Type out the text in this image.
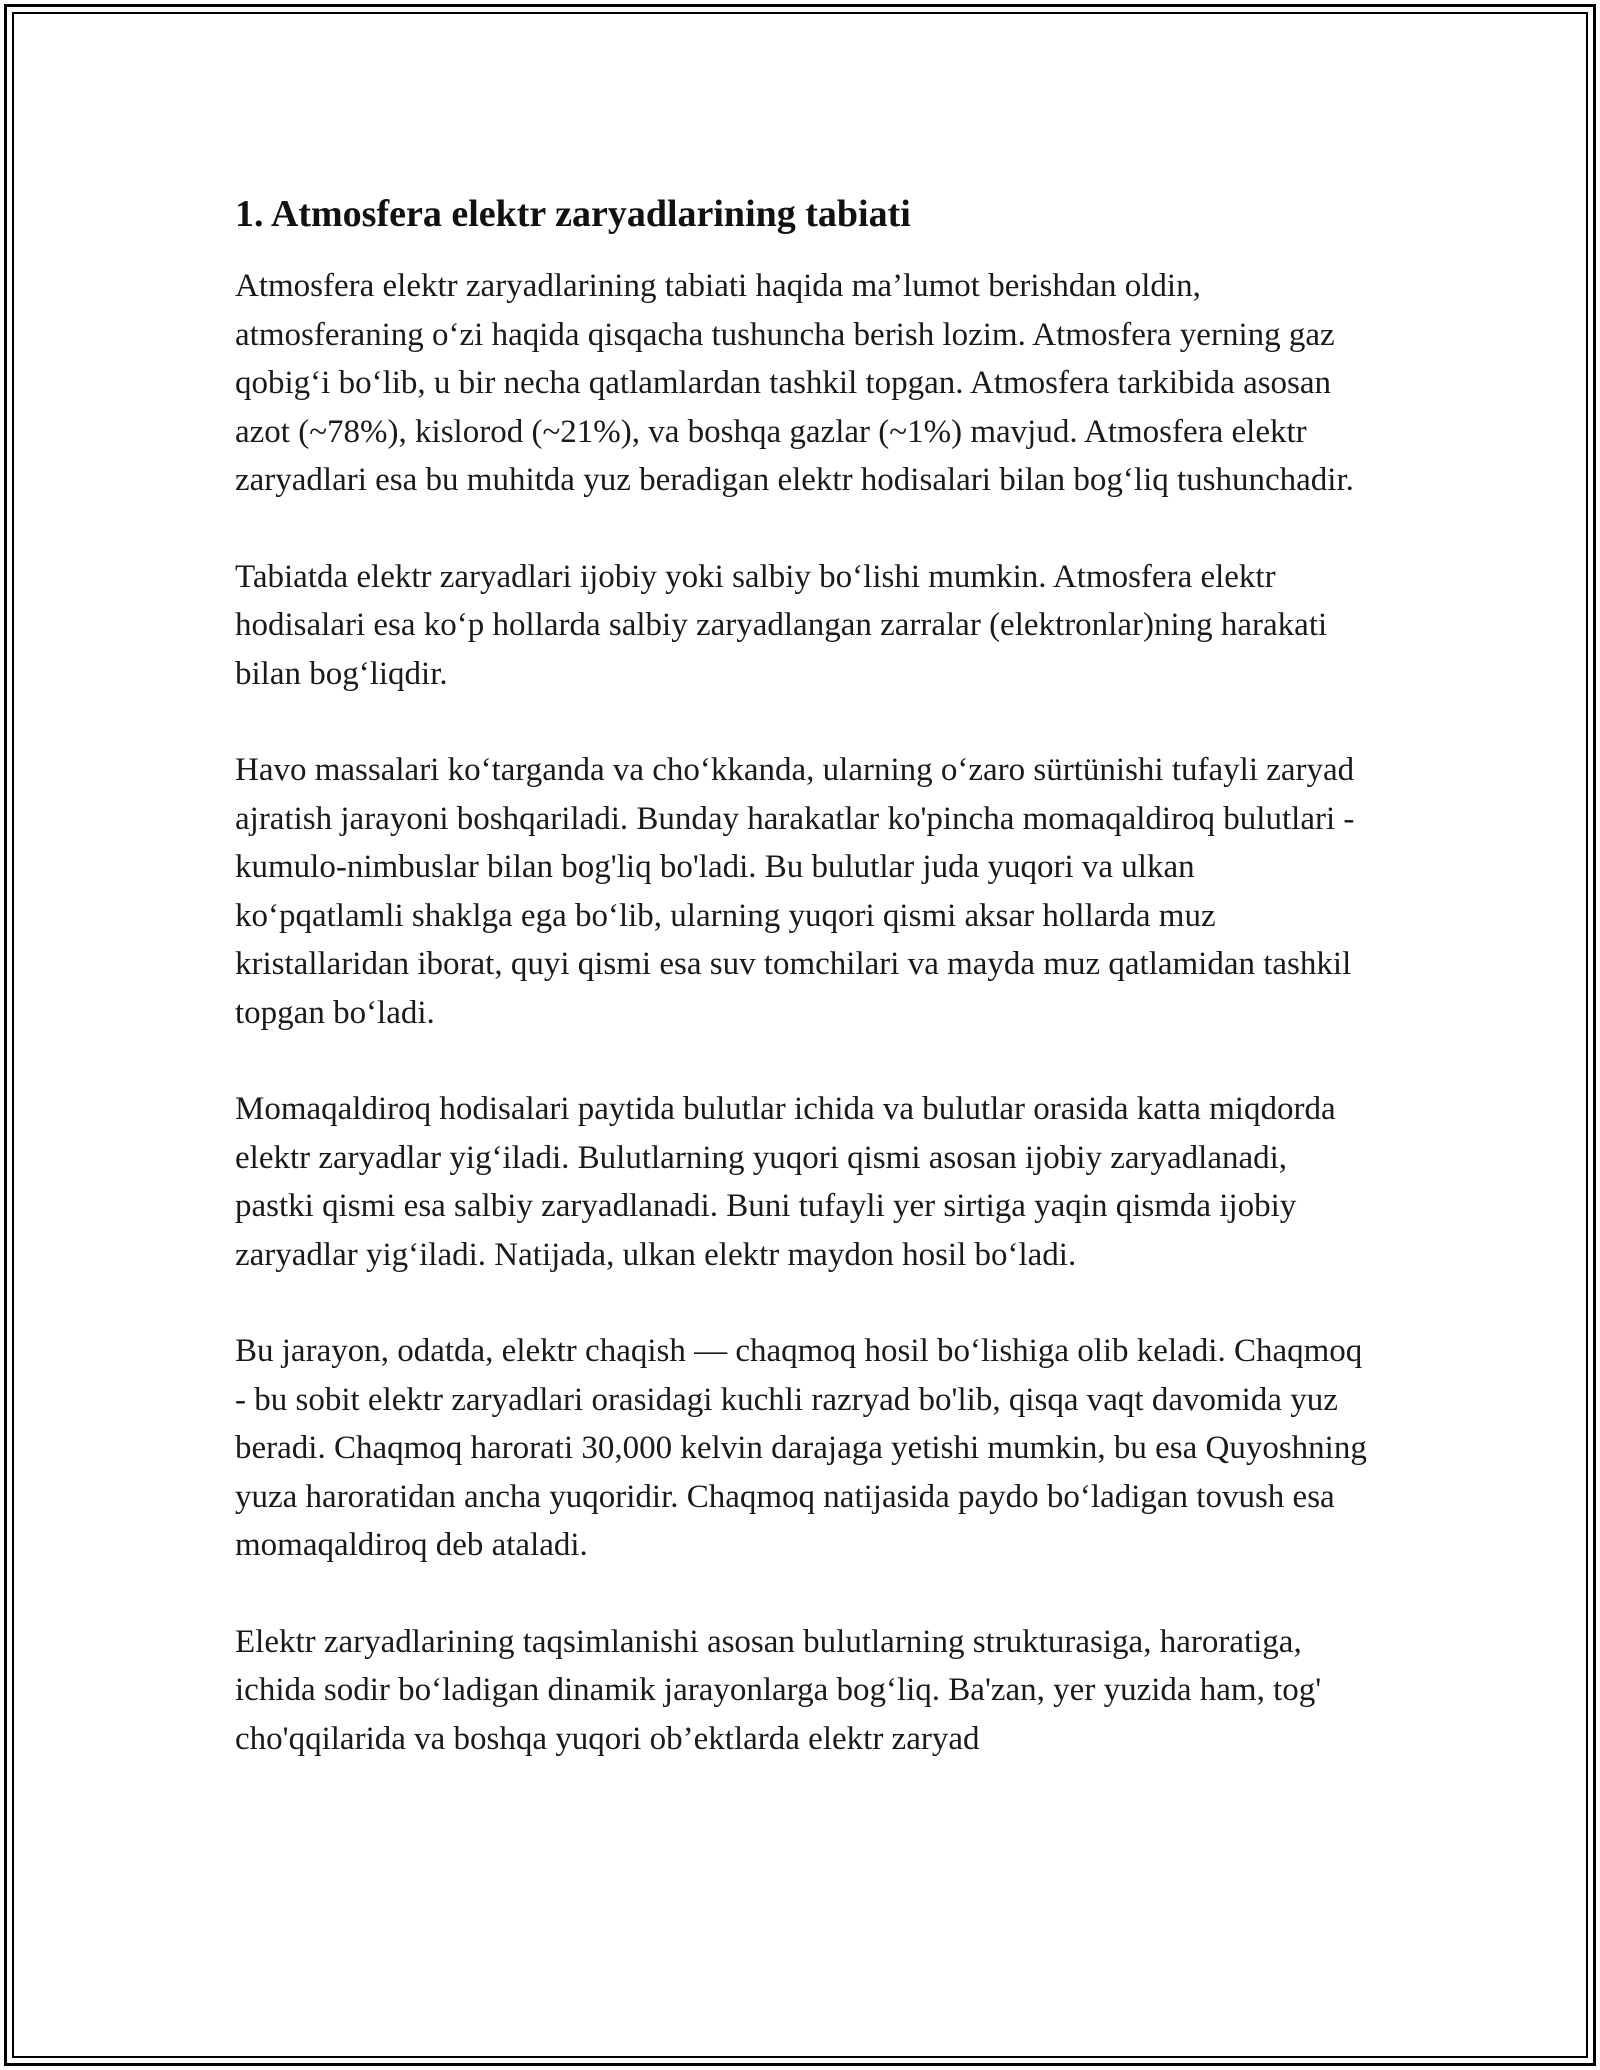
1. Atmosfera elektr zaryadlarining tabiati

Atmosfera elektr zaryadlarining tabiati haqida ma’lumot berishdan oldin, atmosferaning o‘zi haqida qisqacha tushuncha berish lozim. Atmosfera yerning gaz qobig‘i bo‘lib, u bir necha qatlamlardan tashkil topgan. Atmosfera tarkibida asosan azot (~78%), kislorod (~21%), va boshqa gazlar (~1%) mavjud. Atmosfera elektr zaryadlari esa bu muhitda yuz beradigan elektr hodisalari bilan bog‘liq tushunchadir.

Tabiatda elektr zaryadlari ijobiy yoki salbiy bo‘lishi mumkin. Atmosfera elektr hodisalari esa ko‘p hollarda salbiy zaryadlangan zarralar (elektronlar)ning harakati bilan bog‘liqdir.

Havo massalari ko‘targanda va cho‘kkanda, ularning o‘zaro sürtünishi tufayli zaryad ajratish jarayoni boshqariladi. Bunday harakatlar ko'pincha momaqaldiroq bulutlari - kumulo-nimbuslar bilan bog'liq bo'ladi. Bu bulutlar juda yuqori va ulkan ko‘pqatlamli shaklga ega bo‘lib, ularning yuqori qismi aksar hollarda muz kristallaridan iborat, quyi qismi esa suv tomchilari va mayda muz qatlamidan tashkil topgan bo‘ladi.

Momaqaldiroq hodisalari paytida bulutlar ichida va bulutlar orasida katta miqdorda elektr zaryadlar yig‘iladi. Bulutlarning yuqori qismi asosan ijobiy zaryadlanadi, pastki qismi esa salbiy zaryadlanadi. Buni tufayli yer sirtiga yaqin qismda ijobiy zaryadlar yig‘iladi. Natijada, ulkan elektr maydon hosil bo‘ladi.

Bu jarayon, odatda, elektr chaqish — chaqmoq hosil bo‘lishiga olib keladi. Chaqmoq - bu sobit elektr zaryadlari orasidagi kuchli razryad bo'lib, qisqa vaqt davomida yuz beradi. Chaqmoq harorati 30,000 kelvin darajaga yetishi mumkin, bu esa Quyoshning yuza haroratidan ancha yuqoridir. Chaqmoq natijasida paydo bo‘ladigan tovush esa momaqaldiroq deb ataladi.

Elektr zaryadlarining taqsimlanishi asosan bulutlarning strukturasiga, haroratiga, ichida sodir bo‘ladigan dinamik jarayonlarga bog‘liq. Ba'zan, yer yuzida ham, tog' cho'qqilarida va boshqa yuqori ob’ektlarda elektr zaryad
